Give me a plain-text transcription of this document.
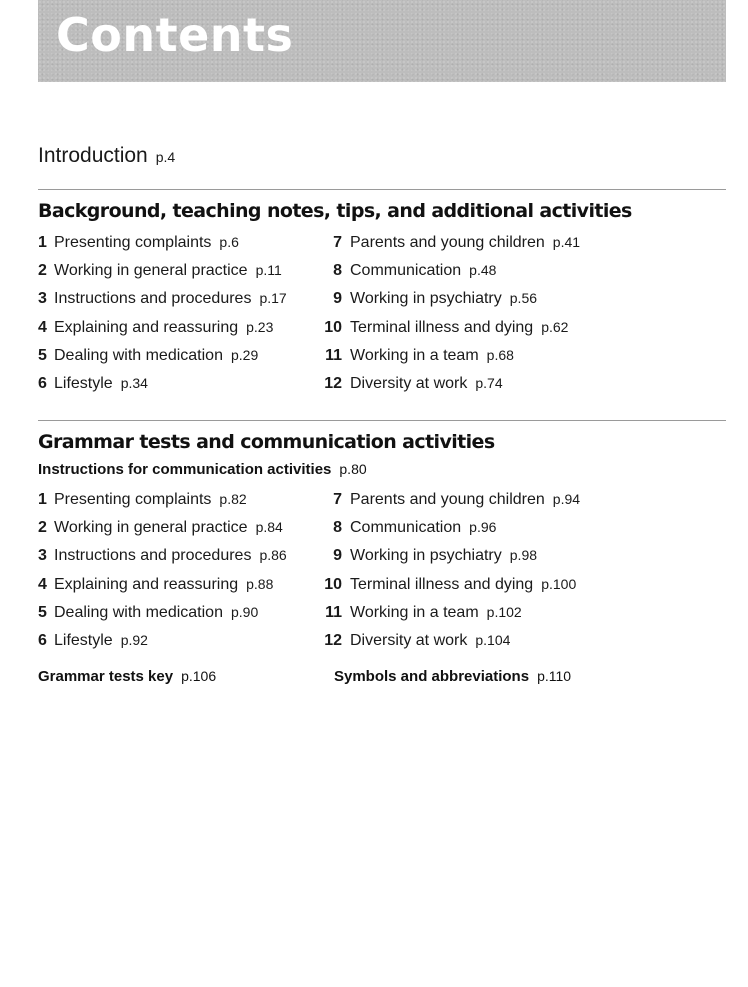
Contents
Introduction p.4
Background, teaching notes, tips, and additional activities
1 Presenting complaints p.6
2 Working in general practice p.11
3 Instructions and procedures p.17
4 Explaining and reassuring p.23
5 Dealing with medication p.29
6 Lifestyle p.34
7 Parents and young children p.41
8 Communication p.48
9 Working in psychiatry p.56
10 Terminal illness and dying p.62
11 Working in a team p.68
12 Diversity at work p.74
Grammar tests and communication activities
Instructions for communication activities p.80
1 Presenting complaints p.82
2 Working in general practice p.84
3 Instructions and procedures p.86
4 Explaining and reassuring p.88
5 Dealing with medication p.90
6 Lifestyle p.92
7 Parents and young children p.94
8 Communication p.96
9 Working in psychiatry p.98
10 Terminal illness and dying p.100
11 Working in a team p.102
12 Diversity at work p.104
Grammar tests key p.106	Symbols and abbreviations p.110
